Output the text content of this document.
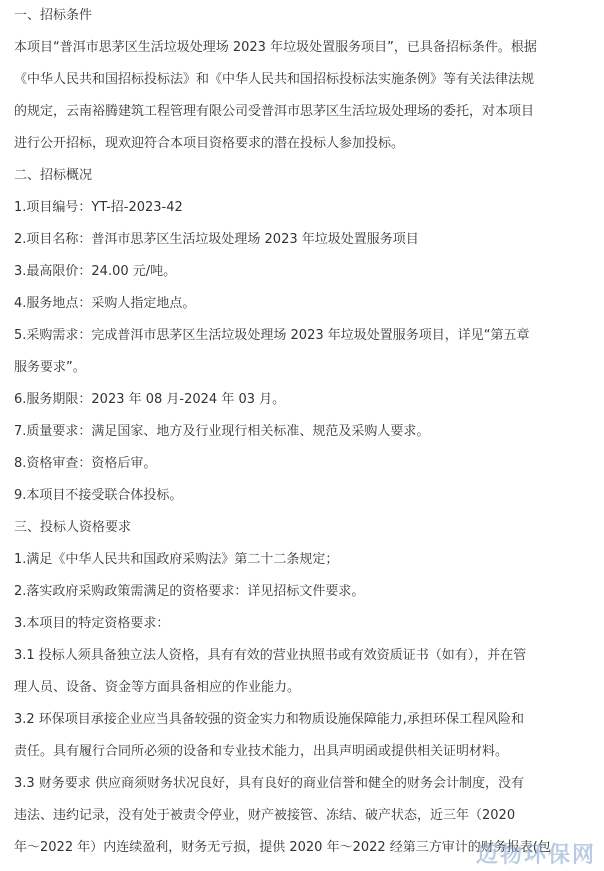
一、招标条件
本项目“普洱市思茅区生活垃圾处理场 2023 年垃圾处置服务项目”，已具备招标条件。根据
《中华人民共和国招标投标法》和《中华人民共和国招标投标法实施条例》等有关法律法规
的规定，云南裕腾建筑工程管理有限公司受普洱市思茅区生活垃圾处理场的委托，对本项目
进行公开招标，现欢迎符合本项目资格要求的潜在投标人参加投标。
二、招标概况
1.项目编号：YT-招-2023-42
2.项目名称：普洱市思茅区生活垃圾处理场 2023 年垃圾处置服务项目
3.最高限价：24.00 元/吨。
4.服务地点：采购人指定地点。
5.采购需求：完成普洱市思茅区生活垃圾处理场 2023 年垃圾处置服务项目，详见“第五章
服务要求”。
6.服务期限：2023 年 08 月-2024 年 03 月。
7.质量要求：满足国家、地方及行业现行相关标准、规范及采购人要求。
8.资格审查：资格后审。
9.本项目不接受联合体投标。
三、投标人资格要求
1.满足《中华人民共和国政府采购法》第二十二条规定；
2.落实政府采购政策需满足的资格要求：详见招标文件要求。
3.本项目的特定资格要求：
3.1 投标人须具备独立法人资格，具有有效的营业执照书或有效资质证书（如有），并在管
理人员、设备、资金等方面具备相应的作业能力。
3.2 环保项目承接企业应当具备较强的资金实力和物质设施保障能力,承担环保工程风险和
责任。具有履行合同所必须的设备和专业技术能力，出具声明函或提供相关证明材料。
3.3 财务要求 供应商须财务状况良好，具有良好的商业信誉和健全的财务会计制度，没有
违法、违约记录，没有处于被责令停业，财产被接管、冻结、破产状态，近三年（2020
年～2022 年）内连续盈利，财务无亏损，提供 2020 年～2022 经第三方审计的财务报表(包
迈物环保网
